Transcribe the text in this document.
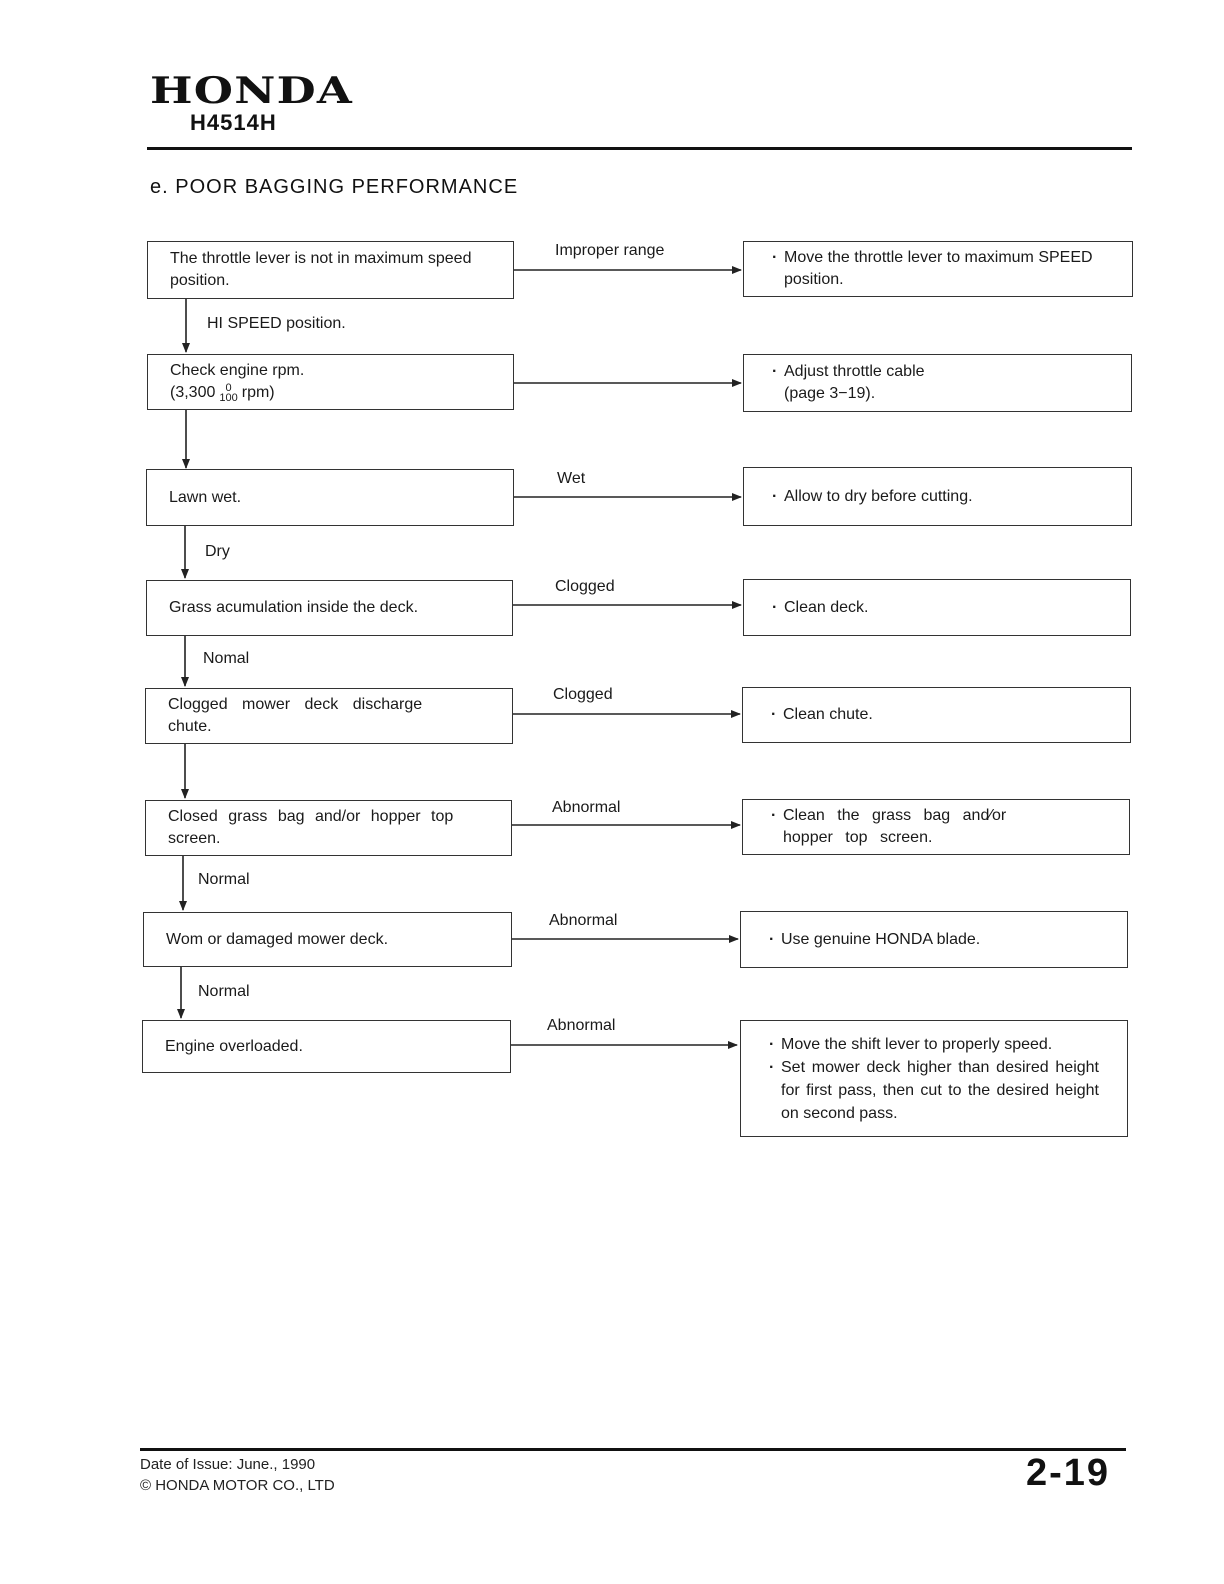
HONDA
H4514H
e. POOR BAGGING PERFORMANCE
The throttle lever is not in maximum speed position.
Improper range	· Move the throttle lever to maximum SPEED position.
HI SPEED position.
Check engine rpm.
(3,300 0
100 rpm)
· Adjust throttle cable (page 3−19).
Lawn wet.
Wet
· Allow to dry before cutting.
Dry
Grass acumulation inside the deck.
Clogged
· Clean deck.
Nomal
Clogged mower deck discharge chute.
Clogged
· Clean chute.
Closed grass bag and/or hopper top screen.
Abnormal	· Clean the grass bag and∕or hopper top screen.
Normal
Wom or damaged mower deck.
Abnormal
· Use genuine HONDA blade.
Normal
Engine overloaded.
Abnormal
· Move the shift lever to properly speed.
· Set mower deck higher than desired height for first pass, then cut to the desired height on second pass.
Date of Issue: June., 1990
© HONDA MOTOR CO., LTD	2-19
